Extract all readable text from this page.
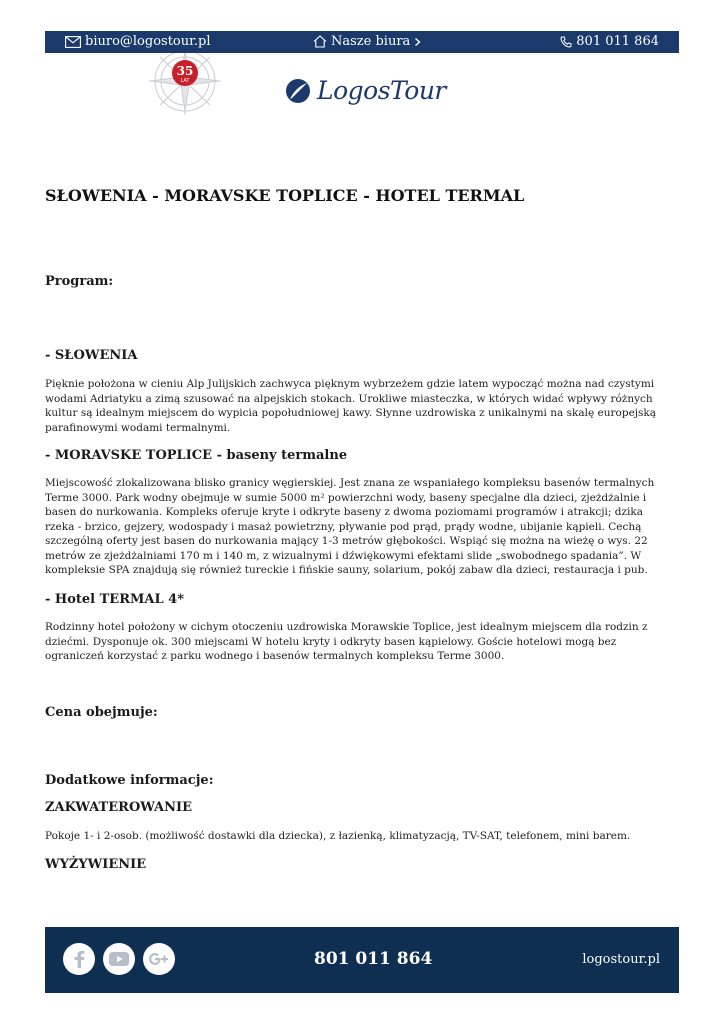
biuro@logostour.pl	Nasze biura	801 011 864
35
LAT	LogosTour
SŁOWENIA - MORAVSKE TOPLICE - HOTEL TERMAL
Program:
- SŁOWENIA

Pięknie położona w cieniu Alp Julijskich zachwyca pięknym wybrzeżem gdzie latem wypocząć można nad czystymi wodami Adriatyku a zimą szusować na alpejskich stokach. Urokliwe miasteczka, w których widać wpływy różnych kultur są idealnym miejscem do wypicia popołudniowej kawy. Słynne uzdrowiska z unikalnymi na skalę europejską parafinowymi wodami termalnymi.

- MORAVSKE TOPLICE - baseny termalne

Miejscowość zlokalizowana blisko granicy węgierskiej. Jest znana ze wspaniałego kompleksu basenów termalnych Terme 3000. Park wodny obejmuje w sumie 5000 m² powierzchni wody, baseny specjalne dla dzieci, zjeżdżalnie i basen do nurkowania. Kompleks oferuje kryte i odkryte baseny z dwoma poziomami programów i atrakcji; dzika rzeka - brzico, gejzery, wodospady i masaż powietrzny, pływanie pod prąd, prądy wodne, ubijanie kąpieli. Cechą szczególną oferty jest basen do nurkowania mający 1-3 metrów głębokości. Wspiąć się można na wieżę o wys. 22 metrów ze zjeżdżalniami 170 m i 140 m, z wizualnymi i dźwiękowymi efektami slide „swobodnego spadania”. W kompleksie SPA znajdują się również tureckie i fińskie sauny, solarium, pokój zabaw dla dzieci, restauracja i pub.

- Hotel TERMAL 4*

Rodzinny hotel położony w cichym otoczeniu uzdrowiska Morawskie Toplice, jest idealnym miejscem dla rodzin z dziećmi. Dysponuje ok. 300 miejscami W hotelu kryty i odkryty basen kąpielowy. Goście hotelowi mogą bez ograniczeń korzystać z parku wodnego i basenów termalnych kompleksu Terme 3000.

Cena obejmuje:
Dodatkowe informacje:
ZAKWATEROWANIE

Pokoje 1- i 2-osob. (możliwość dostawki dla dziecka), z łazienką, klimatyzacją, TV-SAT, telefonem, mini barem.

WYŻYWIENIE
801 011 864	logostour.pl
